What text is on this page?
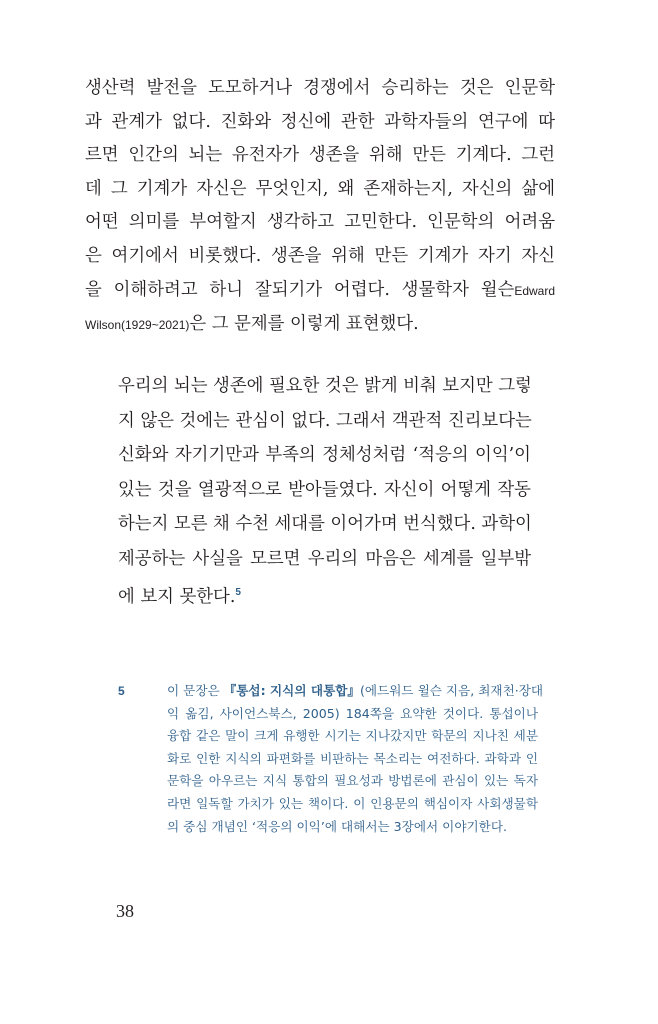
생산력 발전을 도모하거나 경쟁에서 승리하는 것은 인문학
과 관계가 없다. 진화와 정신에 관한 과학자들의 연구에 따
르면 인간의 뇌는 유전자가 생존을 위해 만든 기계다. 그런
데 그 기계가 자신은 무엇인지, 왜 존재하는지, 자신의 삶에
어떤 의미를 부여할지 생각하고 고민한다. 인문학의 어려움
은 여기에서 비롯했다. 생존을 위해 만든 기계가 자기 자신
을 이해하려고 하니 잘되기가 어렵다. 생물학자 윌슨Edward
Wilson(1929~2021)은 그 문제를 이렇게 표현했다.
우리의 뇌는 생존에 필요한 것은 밝게 비춰 보지만 그렇
지 않은 것에는 관심이 없다. 그래서 객관적 진리보다는
신화와 자기기만과 부족의 정체성처럼 ‘적응의 이익’이
있는 것을 열광적으로 받아들였다. 자신이 어떻게 작동
하는지 모른 채 수천 세대를 이어가며 번식했다. 과학이
제공하는 사실을 모르면 우리의 마음은 세계를 일부밖
에 보지 못한다.$^5$
5	이 문장은 『통섭: 지식의 대통합』(에드워드 윌슨 지음, 최재천·장대
익 옮김, 사이언스북스, 2005) 184쪽을 요약한 것이다. 통섭이나
융합 같은 말이 크게 유행한 시기는 지나갔지만 학문의 지나친 세분
화로 인한 지식의 파편화를 비판하는 목소리는 여전하다. 과학과 인
문학을 아우르는 지식 통합의 필요성과 방법론에 관심이 있는 독자
라면 일독할 가치가 있는 책이다. 이 인용문의 핵심이자 사회생물학
의 중심 개념인 ‘적응의 이익’에 대해서는 3장에서 이야기한다.
38
